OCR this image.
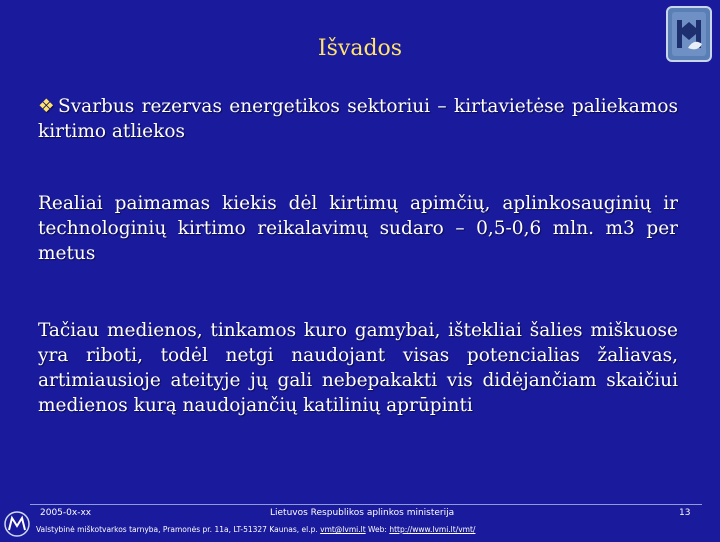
Išvados
❖ Svarbus rezervas energetikos sektoriui – kirtavietėse paliekamos kirtimo atliekos
Realiai paimamas kiekis dėl kirtimų apimčių, aplinkosauginių ir technologinių kirtimo reikalavimų sudaro – 0,5-0,6 mln. m3 per metus
Tačiau medienos, tinkamos kuro gamybai, ištekliai šalies miškuose yra riboti, todėl netgi naudojant visas potencialias žaliavas, artimiausioje ateityje jų gali nebepakakti vis didėjančiam skaičiui medienos kurą naudojančių katilinių aprūpinti
2005-0x-xx	Lietuvos Respublikos aplinkos ministerija	13
Valstybinė miškotvarkos tarnyba, Pramonės pr. 11a, LT-51327 Kaunas, el.p. vmt@lvmi.lt Web: http://www.lvmi.lt/vmt/
